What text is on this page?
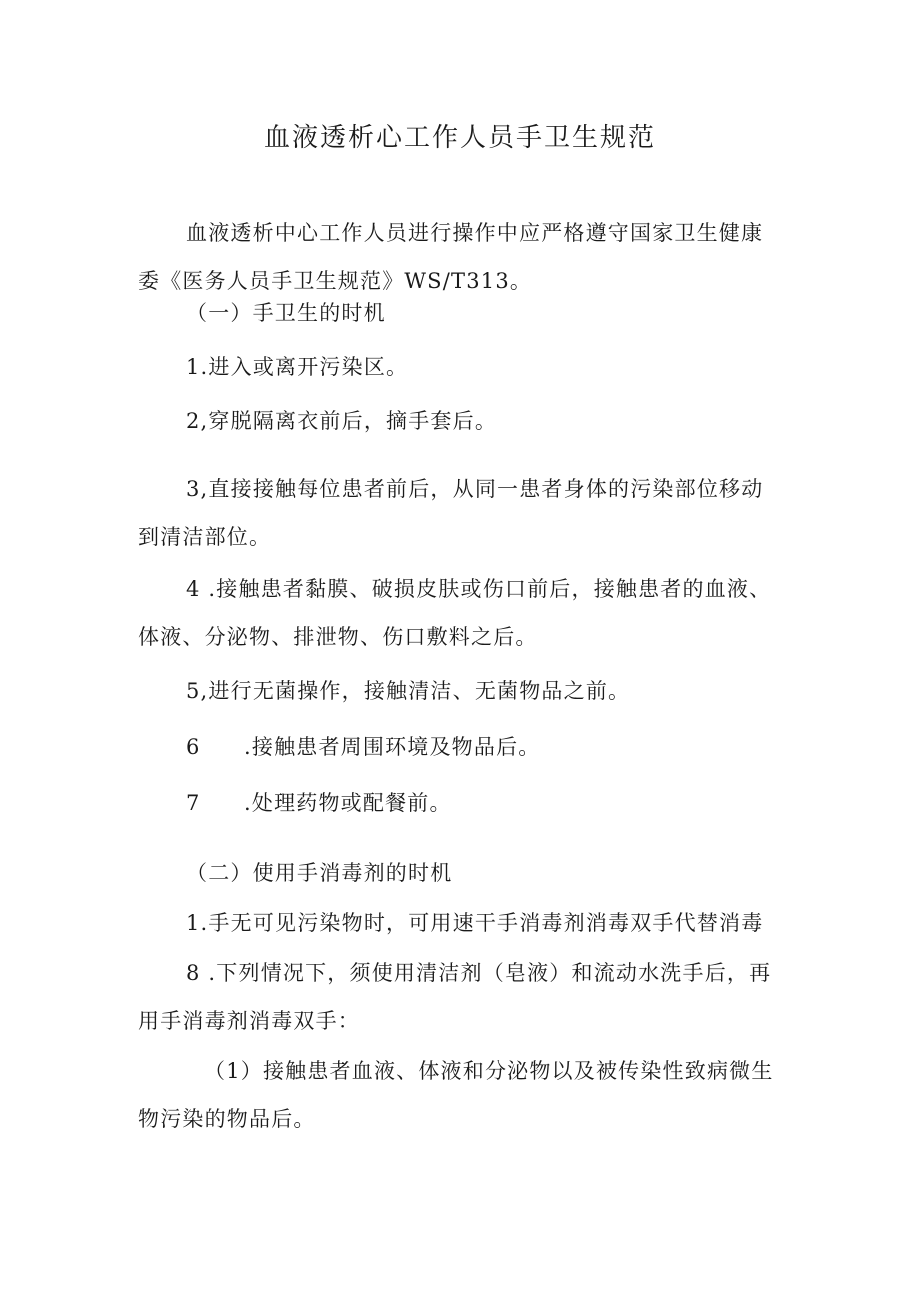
血液透析心工作人员手卫生规范
血液透析中心工作人员进行操作中应严格遵守国家卫生健康
委《医务人员手卫生规范》WS/T313。
（一）手卫生的时机
1.进入或离开污染区。
2,穿脱隔离衣前后，摘手套后。
3,直接接触每位患者前后，从同一患者身体的污染部位移动
到清洁部位。
4 .接触患者黏膜、破损皮肤或伤口前后，接触患者的血液、
体液、分泌物、排泄物、伤口敷料之后。
5,进行无菌操作，接触清洁、无菌物品之前。
6 .接触患者周围环境及物品后。
7 .处理药物或配餐前。
（二）使用手消毒剂的时机
1.手无可见污染物时，可用速干手消毒剂消毒双手代替消毒
8 .下列情况下，须使用清洁剂（皂液）和流动水洗手后，再
用手消毒剂消毒双手：
（1）接触患者血液、体液和分泌物以及被传染性致病微生
物污染的物品后。
